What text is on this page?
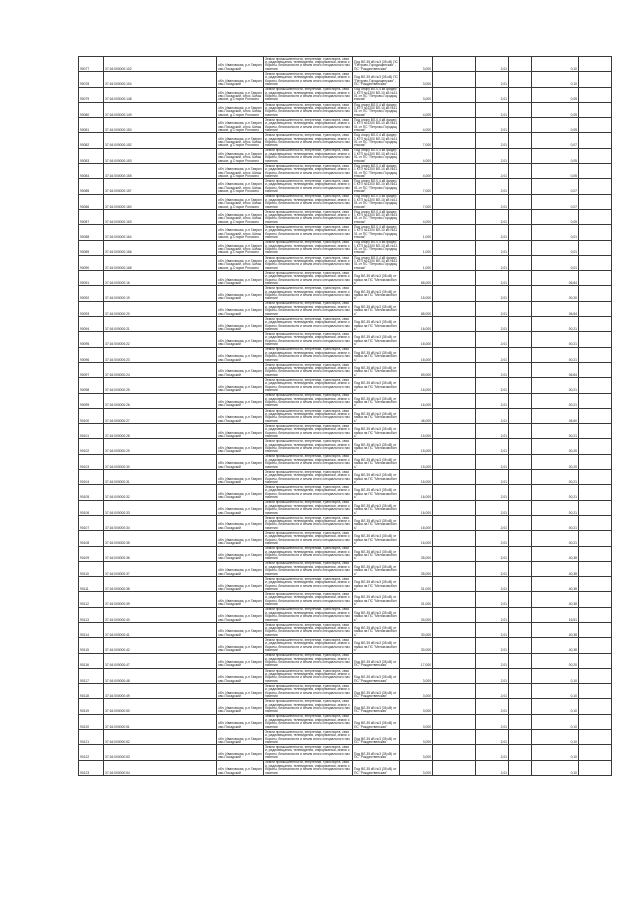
90077	37:16:000000:102	обл. Ивановская, р-н Гаврилово-Посадский	Земли промышленности, энергетики, транспорта, связи, радиовещания, телевидения, информатики, земли обороны, безопасности и земли иного специального назначения	Под ВЛ-35 кВ №3 (35 кВ) ПС "Петрово-Городищенская" - ПС "Рождественская"	3,000		2,01		0,10	
90078	37:16:000000:104	обл. Ивановская, р-н Гаврилово-Посадский	Земли промышленности, энергетики, транспорта, связи, радиовещания, телевидения, информатики, земли обороны, безопасности и земли иного специального назначения	Под ВЛ-35 кВ №3 (35 кВ) ПС "Петрово-Городищенская" - ПС "Рождественская"	3,000		2,01		0,10	
90079	37:16:000000:148	обл. Ивановская, р-н Гаврилово-Посадский, с/пос. Шекшовское, д.Старое Рогозино	Земли промышленности, энергетики, транспорта, связи, радиовещания, телевидения, информатики, земли обороны, безопасности и земли иного специального назначения	Под опору ВЛ-0,4 кВ фидер 1 КТП №1200 ВЛ-10 кВ №1101 от ПС "Петрово-Городищенская"	3,000		2,01		0,05	
90080	37:16:000000:149	обл. Ивановская, р-н Гаврилово-Посадский, с/пос. Шекшовское, д.Старое Рогозино	Земли промышленности, энергетики, транспорта, связи, радиовещания, телевидения, информатики, земли обороны, безопасности и земли иного специального назначения	Под опору ВЛ-0,4 кВ фидер 1 КТП №1200 ВЛ-10 кВ №1101 от ПС "Петрово-Городищенская"	4,000		2,01		0,05	
90081	37:16:000000:150	обл. Ивановская, р-н Гаврилово-Посадский, с/пос. Шекшовское, д.Старое Рогозино	Земли промышленности, энергетики, транспорта, связи, радиовещания, телевидения, информатики, земли обороны, безопасности и земли иного специального назначения	Под опору ВЛ-0,4 кВ фидер 1 КТП №1200 ВЛ-10 кВ №1101 от ПС "Петрово-Городищенская"	4,000		2,01		0,05	
90082	37:16:000000:152	обл. Ивановская, р-н Гаврилово-Посадский, с/пос. Шекшовское, д.Старое Рогозино	Земли промышленности, энергетики, транспорта, связи, радиовещания, телевидения, информатики, земли обороны, безопасности и земли иного специального назначения	Под опору ВЛ-0,4 кВ фидер 1 КТП №1200 ВЛ-10 кВ №1101 от ПС "Петрово-Городищенская"	7,000		2,01		0,07	
90083	37:16:000000:153	обл. Ивановская, р-н Гаврилово-Посадский, с/пос. Шекшовское, д.Старое Рогозино	Земли промышленности, энергетики, транспорта, связи, радиовещания, телевидения, информатики, земли обороны, безопасности и земли иного специального назначения	Под опору ВЛ-0,4 кВ фидер 1 КТП №1200 ВЛ-10 кВ №1101 от ПС "Петрово-Городищенская"	4,000		2,01		0,05	
90084	37:16:000000:155	обл. Ивановская, р-н Гаврилово-Посадский, с/пос. Шекшовское, д.Старое Рогозино	Земли промышленности, энергетики, транспорта, связи, радиовещания, телевидения, информатики, земли обороны, безопасности и земли иного специального назначения	Под опору ВЛ-0,4 кВ фидер 1 КТП №1200 ВЛ-10 кВ №1101 от ПС "Петрово-Городищенская"	4,000		2,01		0,05	
90085	37:16:000000:157	обл. Ивановская, р-н Гаврилово-Посадский, с/пос. Шекшовское, д.Старое Рогозино	Земли промышленности, энергетики, транспорта, связи, радиовещания, телевидения, информатики, земли обороны, безопасности и земли иного специального назначения	Под опору ВЛ-0,4 кВ фидер 1 КТП №1200 ВЛ-10 кВ №1101 от ПС "Петрово-Городищенская"	7,000		2,01		0,07	
90086	37:16:000000:160	обл. Ивановская, р-н Гаврилово-Посадский, с/пос. Шекшовское, д.Старое Рогозино	Земли промышленности, энергетики, транспорта, связи, радиовещания, телевидения, информатики, земли обороны, безопасности и земли иного специального назначения	Под опору ВЛ-0,4 кВ фидер 1 КТП №1200 ВЛ-10 кВ №1101 от ПС "Петрово-Городищенская"	7,000		2,01		0,07	
90087	37:16:000000:163	обл. Ивановская, р-н Гаврилово-Посадский, с/пос. Шекшовское, д.Старое Рогозино	Земли промышленности, энергетики, транспорта, связи, радиовещания, телевидения, информатики, земли обороны, безопасности и земли иного специального назначения	Под опору ВЛ-0,4 кВ фидер 1 КТП №1200 ВЛ-10 кВ №1101 от ПС "Петрово-Городищенская"	4,000		2,01		0,05	
90088	37:16:000000:164	обл. Ивановская, р-н Гаврилово-Посадский, с/пос. Шекшовское, д.Старое Рогозино	Земли промышленности, энергетики, транспорта, связи, радиовещания, телевидения, информатики, земли обороны, безопасности и земли иного специального назначения	Под опору ВЛ-0,4 кВ фидер 1 КТП №1200 ВЛ-10 кВ №1101 от ПС "Петрово-Городищенская"	1,000		2,01		0,01	
90089	37:16:000000:166	обл. Ивановская, р-н Гаврилово-Посадский, с/пос. Шекшовское, д.Старое Рогозино	Земли промышленности, энергетики, транспорта, связи, радиовещания, телевидения, информатики, земли обороны, безопасности и земли иного специального назначения	Под опору ВЛ-0,4 кВ фидер 1 КТП №1200 ВЛ-10 кВ №1101 от ПС "Петрово-Городищенская"	1,000		2,01		0,01	
90090	37:16:000000:168	обл. Ивановская, р-н Гаврилово-Посадский, с/пос. Шекшовское, д.Старое Рогозино	Земли промышленности, энергетики, транспорта, связи, радиовещания, телевидения, информатики, земли обороны, безопасности и земли иного специального назначения	Под опору ВЛ-0,4 кВ фидер 1 КТП №1200 ВЛ-10 кВ №1101 от ПС "Петрово-Городищенская"	1,000		2,01		0,01	
90091	37:16:000000:16	обл. Ивановская, р-н Гаврилово-Посадский	Земли промышленности, энергетики, транспорта, связи, радиовещания, телевидения, информатики, земли обороны, безопасности и земли иного специального назначения	Под ВЛ-35 кВ №3 (35 кВ) отпайка на ПС "Мелоизмобиль"	68,000		2,01		06,84	
90092	37:16:000000:19	обл. Ивановская, р-н Гаврилово-Посадский	Земли промышленности, энергетики, транспорта, связи, радиовещания, телевидения, информатики, земли обороны, безопасности и земли иного специального назначения	Под ВЛ-35 кВ №3 (35 кВ) отпайка на ПС "Мелоизмобиль"	15,000		2,01		00,20	
90093	37:16:000000:20	обл. Ивановская, р-н Гаврилово-Посадский	Земли промышленности, энергетики, транспорта, связи, радиовещания, телевидения, информатики, земли обороны, безопасности и земли иного специального назначения	Под ВЛ-35 кВ №3 (35 кВ) отпайка на ПС "Мелоизмобиль"	68,000		2,01		06,84	
90094	37:16:000000:21	обл. Ивановская, р-н Гаврилово-Посадский	Земли промышленности, энергетики, транспорта, связи, радиовещания, телевидения, информатики, земли обороны, безопасности и земли иного специального назначения	Под ВЛ-35 кВ №3 (35 кВ) отпайка на ПС "Мелоизмобиль"	16,000		2,01		00,21	
90095	37:16:000000:22	обл. Ивановская, р-н Гаврилово-Посадский	Земли промышленности, энергетики, транспорта, связи, радиовещания, телевидения, информатики, земли обороны, безопасности и земли иного специального назначения	Под ВЛ-35 кВ №3 (35 кВ) отпайка на ПС "Мелоизмобиль"	16,000		2,01		00,21	
90096	37:16:000000:23	обл. Ивановская, р-н Гаврилово-Посадский	Земли промышленности, энергетики, транспорта, связи, радиовещания, телевидения, информатики, земли обороны, безопасности и земли иного специального назначения	Под ВЛ-35 кВ №3 (35 кВ) отпайка на ПС "Мелоизмобиль"	16,000		2,01		00,21	
90097	37:16:000000:24	обл. Ивановская, р-н Гаврилово-Посадский	Земли промышленности, энергетики, транспорта, связи, радиовещания, телевидения, информатики, земли обороны, безопасности и земли иного специального назначения	Под ВЛ-35 кВ №3 (35 кВ) отпайка на ПС "Мелоизмобиль"	69,000		2,01		06,84	
90098	37:16:000000:25	обл. Ивановская, р-н Гаврилово-Посадский	Земли промышленности, энергетики, транспорта, связи, радиовещания, телевидения, информатики, земли обороны, безопасности и земли иного специального назначения	Под ВЛ-35 кВ №3 (35 кВ) отпайка на ПС "Мелоизмобиль"	16,000		2,01		00,21	
90099	37:16:000000:26	обл. Ивановская, р-н Гаврилово-Посадский	Земли промышленности, энергетики, транспорта, связи, радиовещания, телевидения, информатики, земли обороны, безопасности и земли иного специального назначения	Под ВЛ-35 кВ №3 (35 кВ) отпайка на ПС "Мелоизмобиль"	16,000		2,01		00,21	
90100	37:16:000000:27	обл. Ивановская, р-н Гаврилово-Посадский	Земли промышленности, энергетики, транспорта, связи, радиовещания, телевидения, информатики, земли обороны, безопасности и земли иного специального назначения	Под ВЛ-35 кВ №3 (35 кВ) отпайка на ПС "Мелоизмобиль"	46,000		2,01		06,60	
90101	37:16:000000:28	обл. Ивановская, р-н Гаврилово-Посадский	Земли промышленности, энергетики, транспорта, связи, радиовещания, телевидения, информатики, земли обороны, безопасности и земли иного специального назначения	Под ВЛ-35 кВ №3 (35 кВ) отпайка на ПС "Мелоизмобиль"	15,000		2,01		00,21	
90102	37:16:000000:29	обл. Ивановская, р-н Гаврилово-Посадский	Земли промышленности, энергетики, транспорта, связи, радиовещания, телевидения, информатики, земли обороны, безопасности и земли иного специального назначения	Под ВЛ-35 кВ №3 (35 кВ) отпайка на ПС "Мелоизмобиль"	15,000		2,01		00,20	
90103	37:16:000000:30	обл. Ивановская, р-н Гаврилово-Посадский	Земли промышленности, энергетики, транспорта, связи, радиовещания, телевидения, информатики, земли обороны, безопасности и земли иного специального назначения	Под ВЛ-35 кВ №3 (35 кВ) отпайка на ПС "Мелоизмобиль"	15,000		2,01		00,20	
90104	37:16:000000:31	обл. Ивановская, р-н Гаврилово-Посадский	Земли промышленности, энергетики, транспорта, связи, радиовещания, телевидения, информатики, земли обороны, безопасности и земли иного специального назначения	Под ВЛ-35 кВ №3 (35 кВ) отпайка на ПС "Мелоизмобиль"	16,000		2,01		00,21	
90105	37:16:000000:32	обл. Ивановская, р-н Гаврилово-Посадский	Земли промышленности, энергетики, транспорта, связи, радиовещания, телевидения, информатики, земли обороны, безопасности и земли иного специального назначения	Под ВЛ-35 кВ №3 (35 кВ) отпайка на ПС "Мелоизмобиль"	16,000		2,01		00,21	
90106	37:16:000000:33	обл. Ивановская, р-н Гаврилово-Посадский	Земли промышленности, энергетики, транспорта, связи, радиовещания, телевидения, информатики, земли обороны, безопасности и земли иного специального назначения	Под ВЛ-35 кВ №3 (35 кВ) отпайка на ПС "Мелоизмобиль"	16,000		2,01		00,21	
90107	37:16:000000:34	обл. Ивановская, р-н Гаврилово-Посадский	Земли промышленности, энергетики, транспорта, связи, радиовещания, телевидения, информатики, земли обороны, безопасности и земли иного специального назначения	Под ВЛ-35 кВ №3 (35 кВ) отпайка на ПС "Мелоизмобиль"	16,000		2,01		00,21	
90108	37:16:000000:35	обл. Ивановская, р-н Гаврилово-Посадский	Земли промышленности, энергетики, транспорта, связи, радиовещания, телевидения, информатики, земли обороны, безопасности и земли иного специального назначения	Под ВЛ-35 кВ №3 (35 кВ) отпайка на ПС "Мелоизмобиль"	16,000		2,01		00,21	
90109	37:16:000000:36	обл. Ивановская, р-н Гаврилово-Посадский	Земли промышленности, энергетики, транспорта, связи, радиовещания, телевидения, информатики, земли обороны, безопасности и земли иного специального назначения	Под ВЛ-35 кВ №3 (35 кВ) отпайка на ПС "Мелоизмобиль"	35,000		2,01		40,38	
90110	37:16:000000:37	обл. Ивановская, р-н Гаврилово-Посадский	Земли промышленности, энергетики, транспорта, связи, радиовещания, телевидения, информатики, земли обороны, безопасности и земли иного специального назначения	Под ВЛ-35 кВ №3 (35 кВ) отпайка на ПС "Мелоизмобиль"	35,000		2,01		40,38	
90111	37:16:000000:38	обл. Ивановская, р-н Гаврилово-Посадский	Земли промышленности, энергетики, транспорта, связи, радиовещания, телевидения, информатики, земли обороны, безопасности и земли иного специального назначения	Под ВЛ-35 кВ №3 (35 кВ) отпайка на ПС "Мелоизмобиль"	31,000		2,01		40,38	
90112	37:16:000000:39	обл. Ивановская, р-н Гаврилово-Посадский	Земли промышленности, энергетики, транспорта, связи, радиовещания, телевидения, информатики, земли обороны, безопасности и земли иного специального назначения	Под ВЛ-35 кВ №3 (35 кВ) отпайка на ПС "Мелоизмобиль"	31,000		2,01		40,38	
90113	37:16:000000:40	обл. Ивановская, р-н Гаврилово-Посадский	Земли промышленности, энергетики, транспорта, связи, радиовещания, телевидения, информатики, земли обороны, безопасности и земли иного специального назначения	Под ВЛ-35 кВ №3 (35 кВ) отпайка на ПС "Мелоизмобиль"	34,000		2,01		16,51	
90114	37:16:000000:41	обл. Ивановская, р-н Гаврилово-Посадский	Земли промышленности, энергетики, транспорта, связи, радиовещания, телевидения, информатики, земли обороны, безопасности и земли иного специального назначения	Под ВЛ-35 кВ №3 (35 кВ) отпайка на ПС "Мелоизмобиль"	30,000		2,01		40,38	
90115	37:16:000000:42	обл. Ивановская, р-н Гаврилово-Посадский	Земли промышленности, энергетики, транспорта, связи, радиовещания, телевидения, информатики, земли обороны, безопасности и земли иного специального назначения	Под ВЛ-35 кВ №3 (35 кВ) отпайка на ПС "Мелоизмобиль"	30,000		2,01		40,38	
90116	37:16:000000:47	обл. Ивановская, р-н Гаврилово-Посадский	Земли промышленности, энергетики, транспорта, связи, радиовещания, телевидения, информатики, земли обороны, безопасности и земли иного специального назначения	Под ВЛ-35 кВ №3 (35 кВ) от ПС "Рождественская"	17,000		2,01		00,20	
90117	37:16:000000:48	обл. Ивановская, р-н Гаврилово-Посадский	Земли промышленности, энергетики, транспорта, связи, радиовещания, телевидения, информатики, земли обороны, безопасности и земли иного специального назначения	Под ВЛ-35 кВ №3 (35 кВ) от ПС "Рождественская"	3,000		2,01		0,10	
90118	37:16:000000:49	обл. Ивановская, р-н Гаврилово-Посадский	Земли промышленности, энергетики, транспорта, связи, радиовещания, телевидения, информатики, земли обороны, безопасности и земли иного специального назначения	Под ВЛ-35 кВ №3 (35 кВ) от ПС "Рождественская"	3,000		2,01		0,10	
90119	37:16:000000:50	обл. Ивановская, р-н Гаврилово-Посадский	Земли промышленности, энергетики, транспорта, связи, радиовещания, телевидения, информатики, земли обороны, безопасности и земли иного специального назначения	Под ВЛ-35 кВ №3 (35 кВ) от ПС "Рождественская"	3,000		2,01		0,10	
90120	37:16:000000:51	обл. Ивановская, р-н Гаврилово-Посадский	Земли промышленности, энергетики, транспорта, связи, радиовещания, телевидения, информатики, земли обороны, безопасности и земли иного специального назначения	Под ВЛ-35 кВ №3 (35 кВ) от ПС "Рождественская"	3,000		2,01		0,10	
90121	37:16:000000:52	обл. Ивановская, р-н Гаврилово-Посадский	Земли промышленности, энергетики, транспорта, связи, радиовещания, телевидения, информатики, земли обороны, безопасности и земли иного специального назначения	Под ВЛ-35 кВ №3 (35 кВ) от ПС "Рождественская"	3,000		2,01		0,10	
90122	37:16:000000:53	обл. Ивановская, р-н Гаврилово-Посадский	Земли промышленности, энергетики, транспорта, связи, радиовещания, телевидения, информатики, земли обороны, безопасности и земли иного специального назначения	Под ВЛ-35 кВ №3 (35 кВ) от ПС "Рождественская"	3,000		2,01		0,10	
90123	37:16:000000:54	обл. Ивановская, р-н Гаврилово-Посадский	Земли промышленности, энергетики, транспорта, связи, радиовещания, телевидения, информатики, земли обороны, безопасности и земли иного специального назначения	Под ВЛ-35 кВ №3 (35 кВ) от ПС "Рождественская"	3,000		2,01		0,10	
